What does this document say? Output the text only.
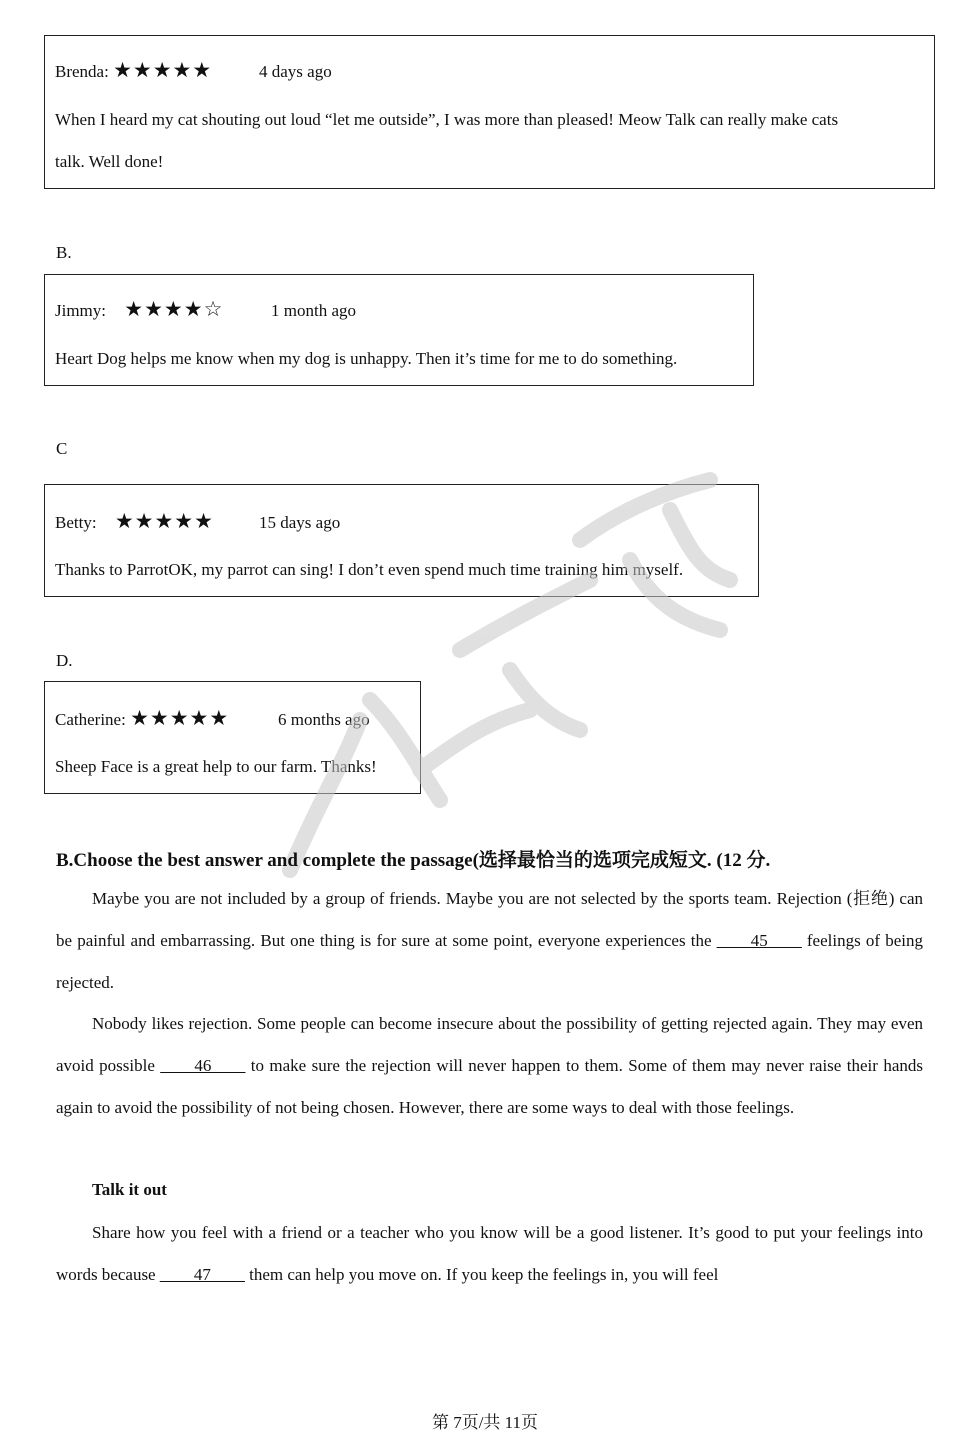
Brenda: ★★★★★	4 days ago
When I heard my cat shouting out loud “let me outside”, I was more than pleased! Meow Talk can really make cats
talk. Well done!
B.
Jimmy: ★★★★☆	1 month ago
Heart Dog helps me know when my dog is unhappy. Then it’s time for me to do something.
C
Betty: ★★★★★	15 days ago
Thanks to ParrotOK, my parrot can sing! I don’t even spend much time training him myself.
D.
Catherine: ★★★★★	6 months ago
Sheep Face is a great help to our farm. Thanks!
B.Choose the best answer and complete the passage(选择最恰当的选项完成短文. (12 分.

Maybe you are not included by a group of friends. Maybe you are not selected by the sports team. Rejection (拒绝) can be painful and embarrassing. But one thing is for sure at some point, everyone experiences the ____45____ feelings of being rejected.

Nobody likes rejection. Some people can become insecure about the possibility of getting rejected again. They may even avoid possible ____46____ to make sure the rejection will never happen to them. Some of them may never raise their hands again to avoid the possibility of not being chosen. However, there are some ways to deal with those feelings.

Talk it out

Share how you feel with a friend or a teacher who you know will be a good listener. It’s good to put your feelings into words because ____47____ them can help you move on. If you keep the feelings in, you will feel

第 7页/共 11页
